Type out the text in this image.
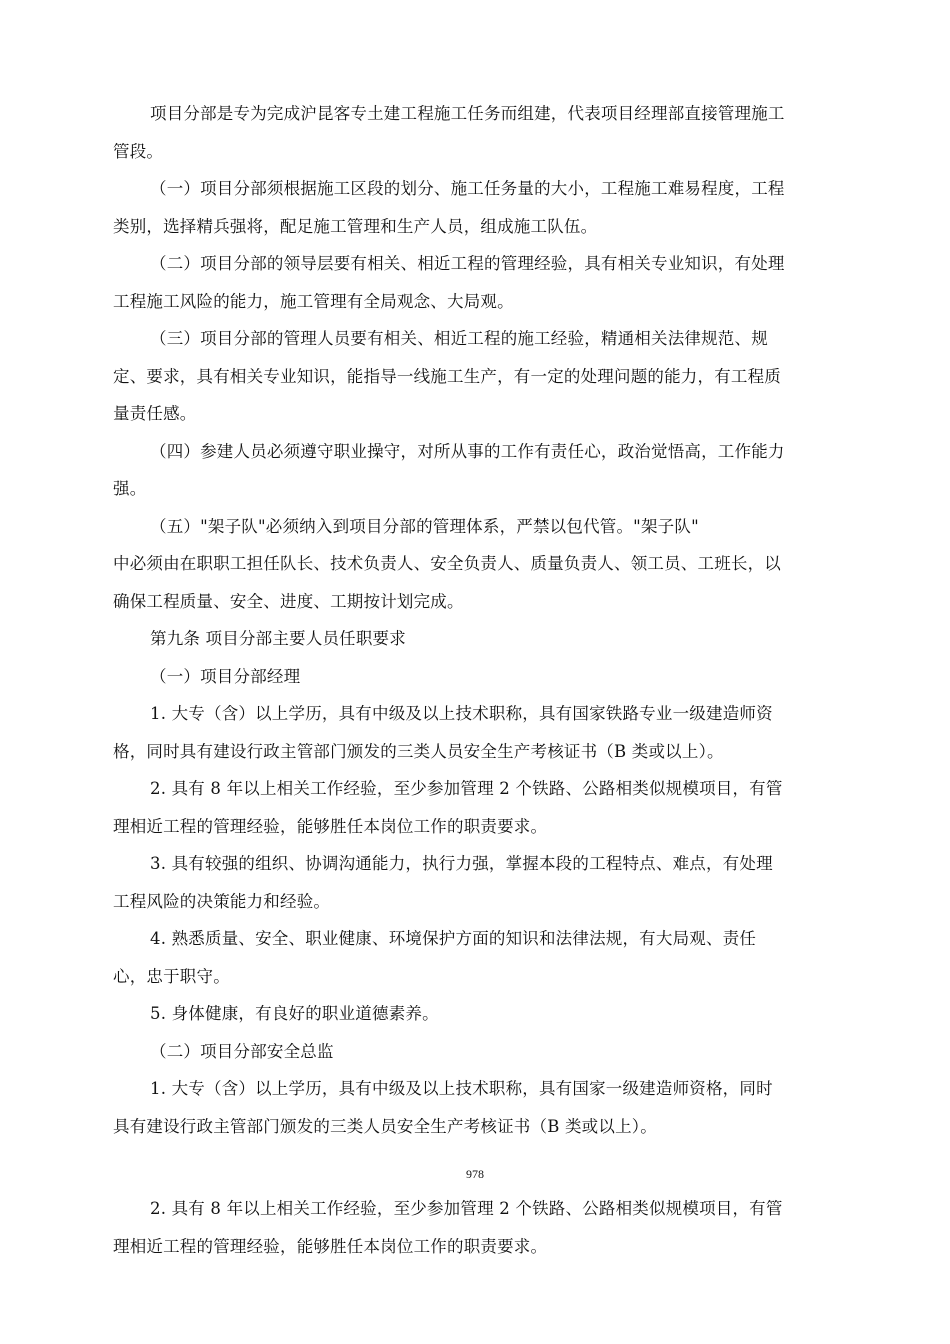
项目分部是专为完成沪昆客专土建工程施工任务而组建，代表项目经理部直接管理施工
管段。
（一）项目分部须根据施工区段的划分、施工任务量的大小，工程施工难易程度，工程
类别，选择精兵强将，配足施工管理和生产人员，组成施工队伍。
（二）项目分部的领导层要有相关、相近工程的管理经验，具有相关专业知识，有处理
工程施工风险的能力，施工管理有全局观念、大局观。
（三）项目分部的管理人员要有相关、相近工程的施工经验，精通相关法律规范、规
定、要求，具有相关专业知识，能指导一线施工生产，有一定的处理问题的能力，有工程质
量责任感。
（四）参建人员必须遵守职业操守，对所从事的工作有责任心，政治觉悟高，工作能力
强。
（五）"架子队"必须纳入到项目分部的管理体系，严禁以包代管。"架子队"
中必须由在职职工担任队长、技术负责人、安全负责人、质量负责人、领工员、工班长，以
确保工程质量、安全、进度、工期按计划完成。
第九条 项目分部主要人员任职要求
（一）项目分部经理
1. 大专（含）以上学历，具有中级及以上技术职称，具有国家铁路专业一级建造师资
格，同时具有建设行政主管部门颁发的三类人员安全生产考核证书（B 类或以上）。
2. 具有 8 年以上相关工作经验，至少参加管理 2 个铁路、公路相类似规模项目，有管
理相近工程的管理经验，能够胜任本岗位工作的职责要求。
3. 具有较强的组织、协调沟通能力，执行力强，掌握本段的工程特点、难点，有处理
工程风险的决策能力和经验。
4. 熟悉质量、安全、职业健康、环境保护方面的知识和法律法规，有大局观、责任
心，忠于职守。
5. 身体健康，有良好的职业道德素养。
（二）项目分部安全总监
1. 大专（含）以上学历，具有中级及以上技术职称，具有国家一级建造师资格，同时
具有建设行政主管部门颁发的三类人员安全生产考核证书（B 类或以上）。
978
2. 具有 8 年以上相关工作经验，至少参加管理 2 个铁路、公路相类似规模项目，有管
理相近工程的管理经验，能够胜任本岗位工作的职责要求。
